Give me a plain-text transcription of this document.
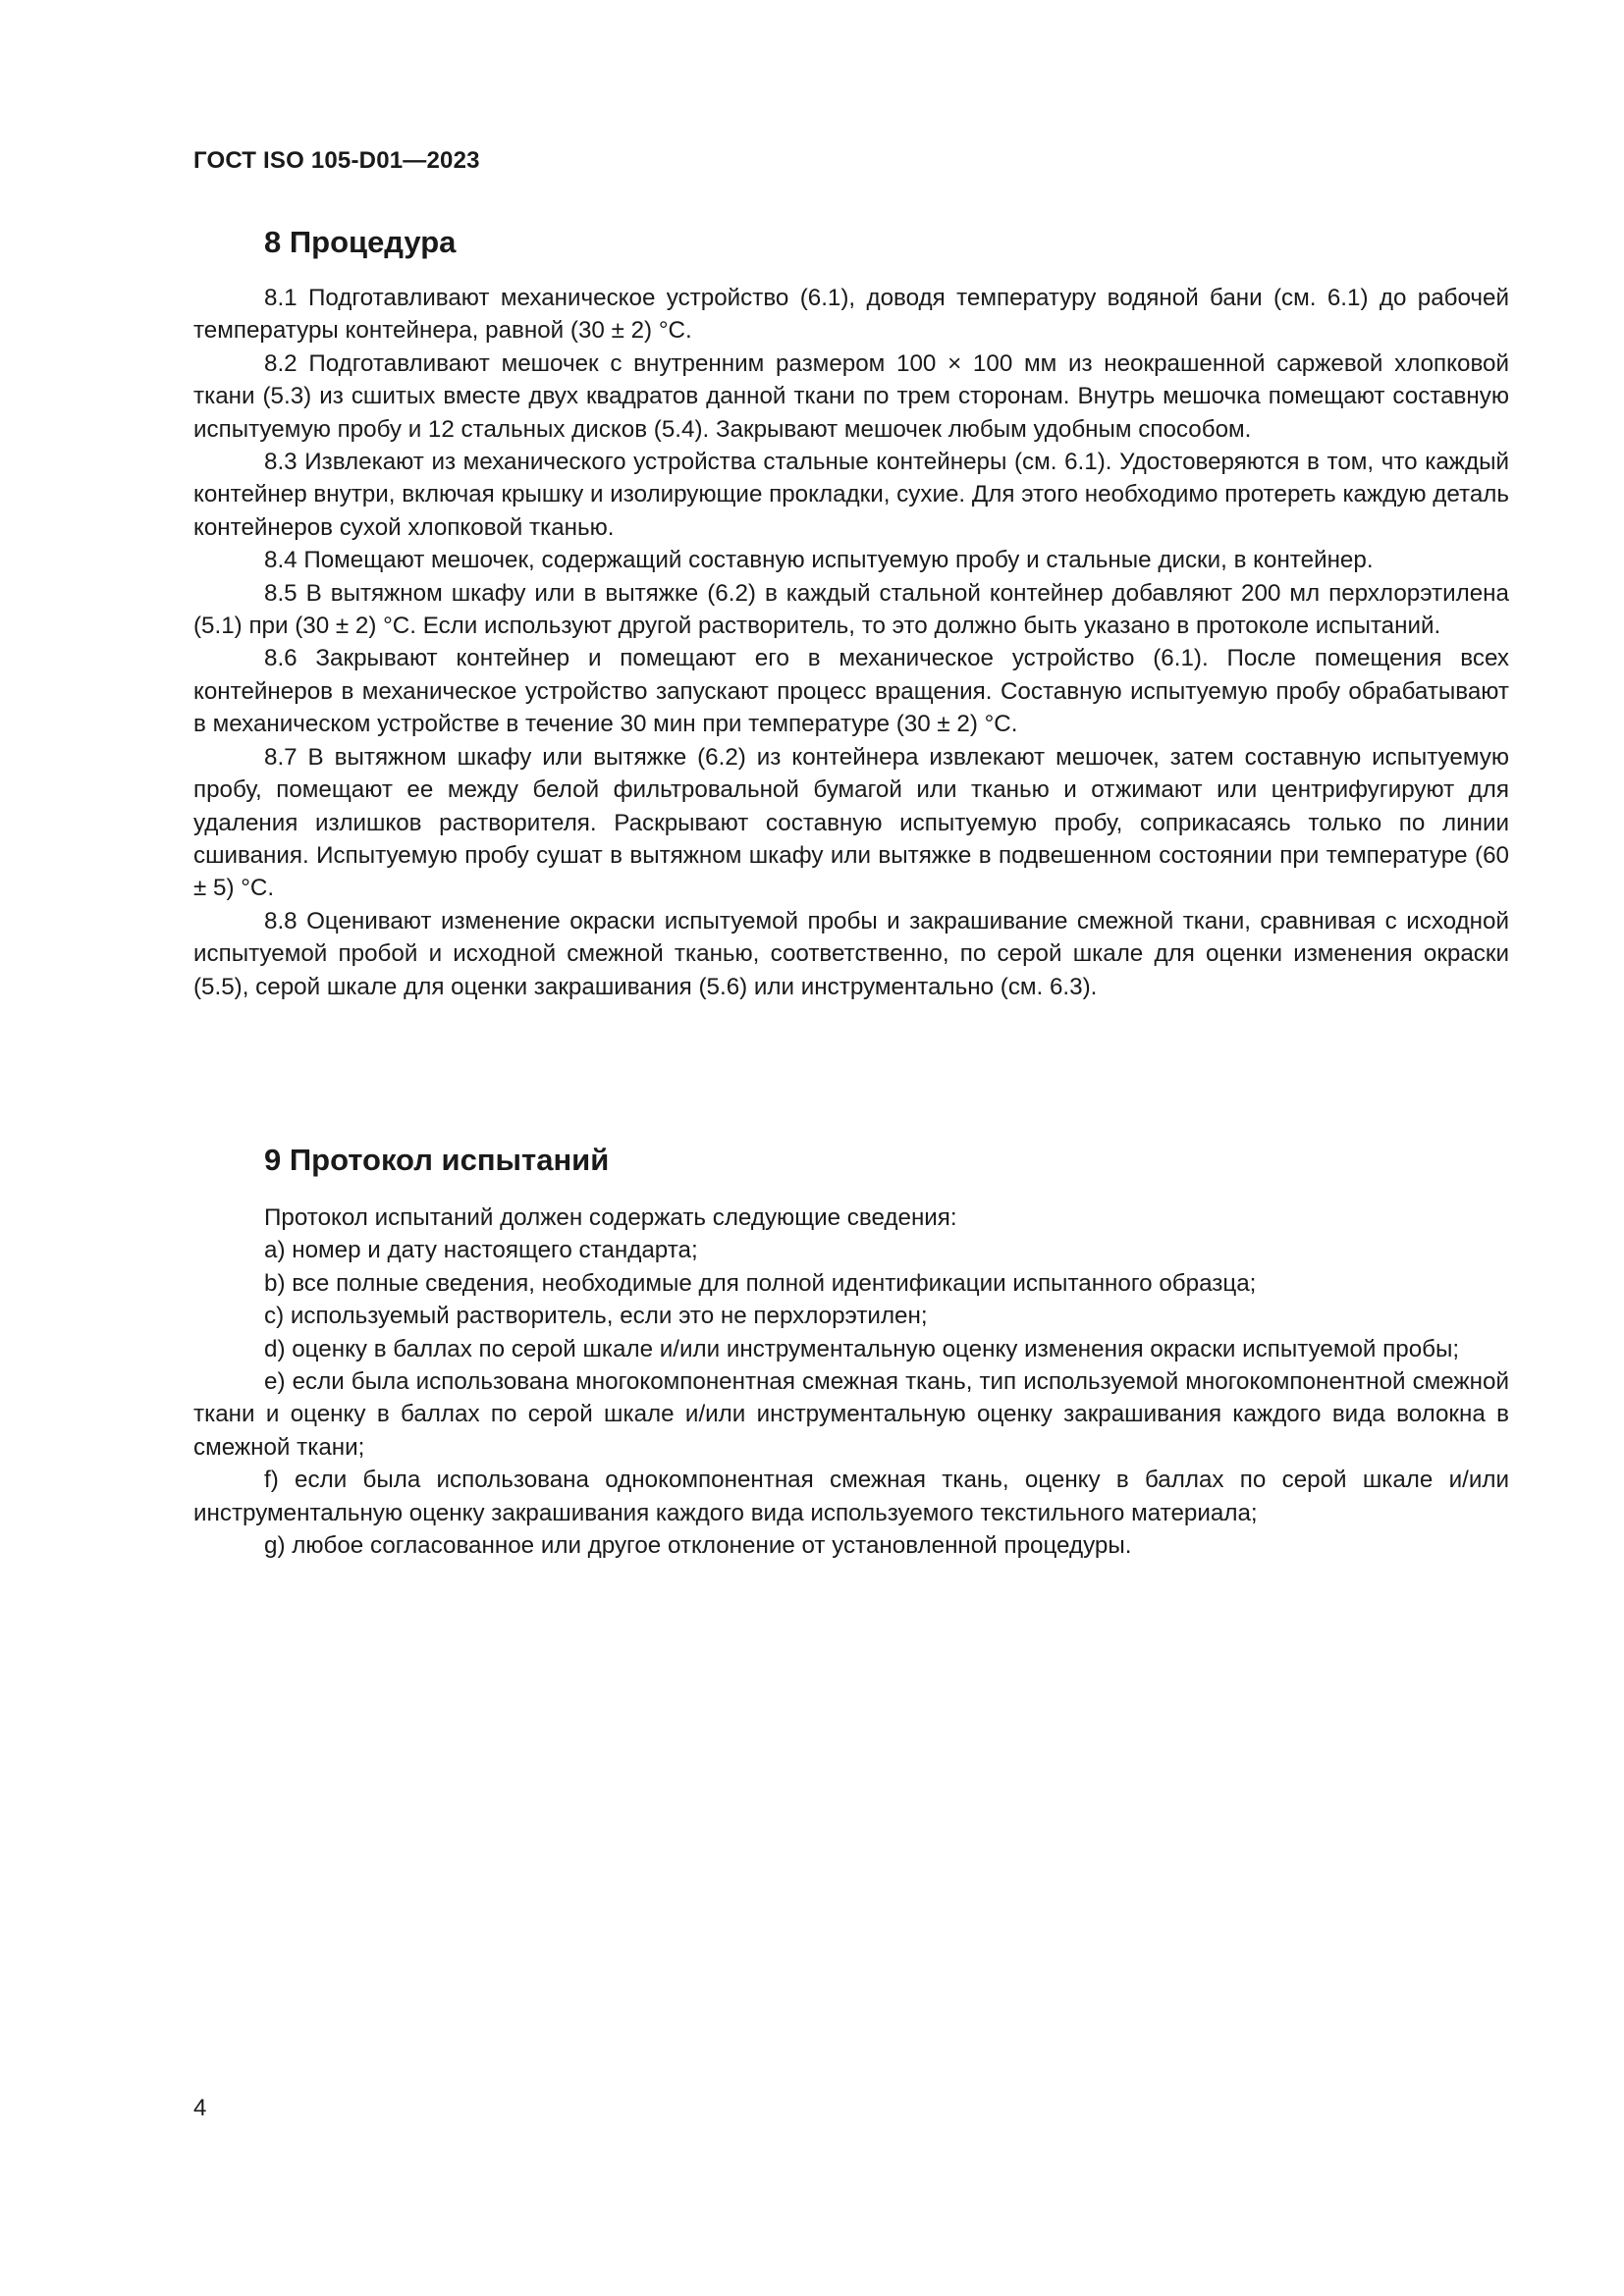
ГОСТ ISO 105-D01—2023
8 Процедура

8.1 Подготавливают механическое устройство (6.1), доводя температуру водяной бани (см. 6.1) до рабочей температуры контейнера, равной (30 ± 2) °С.

8.2 Подготавливают мешочек с внутренним размером 100 × 100 мм из неокрашенной саржевой хлопковой ткани (5.3) из сшитых вместе двух квадратов данной ткани по трем сторонам. Внутрь мешочка помещают составную испытуемую пробу и 12 стальных дисков (5.4). Закрывают мешочек любым удобным способом.

8.3 Извлекают из механического устройства стальные контейнеры (см. 6.1). Удостоверяются в том, что каждый контейнер внутри, включая крышку и изолирующие прокладки, сухие. Для этого необходимо протереть каждую деталь контейнеров сухой хлопковой тканью.

8.4 Помещают мешочек, содержащий составную испытуемую пробу и стальные диски, в контейнер.

8.5 В вытяжном шкафу или в вытяжке (6.2) в каждый стальной контейнер добавляют 200 мл перхлорэтилена (5.1) при (30 ± 2) °С. Если используют другой растворитель, то это должно быть указано в протоколе испытаний.

8.6 Закрывают контейнер и помещают его в механическое устройство (6.1). После помещения всех контейнеров в механическое устройство запускают процесс вращения. Составную испытуемую пробу обрабатывают в механическом устройстве в течение 30 мин при температуре (30 ± 2) °С.

8.7 В вытяжном шкафу или вытяжке (6.2) из контейнера извлекают мешочек, затем составную испытуемую пробу, помещают ее между белой фильтровальной бумагой или тканью и отжимают или центрифугируют для удаления излишков растворителя. Раскрывают составную испытуемую пробу, соприкасаясь только по линии сшивания. Испытуемую пробу сушат в вытяжном шкафу или вытяжке в подвешенном состоянии при температуре (60 ± 5) °С.

8.8 Оценивают изменение окраски испытуемой пробы и закрашивание смежной ткани, сравнивая с исходной испытуемой пробой и исходной смежной тканью, соответственно, по серой шкале для оценки изменения окраски (5.5), серой шкале для оценки закрашивания (5.6) или инструментально (см. 6.3).

9 Протокол испытаний

Протокол испытаний должен содержать следующие сведения:

a) номер и дату настоящего стандарта;

b) все полные сведения, необходимые для полной идентификации испытанного образца;

c) используемый растворитель, если это не перхлорэтилен;

d) оценку в баллах по серой шкале и/или инструментальную оценку изменения окраски испытуемой пробы;

e) если была использована многокомпонентная смежная ткань, тип используемой многокомпонентной смежной ткани и оценку в баллах по серой шкале и/или инструментальную оценку закрашивания каждого вида волокна в смежной ткани;

f) если была использована однокомпонентная смежная ткань, оценку в баллах по серой шкале и/или инструментальную оценку закрашивания каждого вида используемого текстильного материала;

g) любое согласованное или другое отклонение от установленной процедуры.

4
